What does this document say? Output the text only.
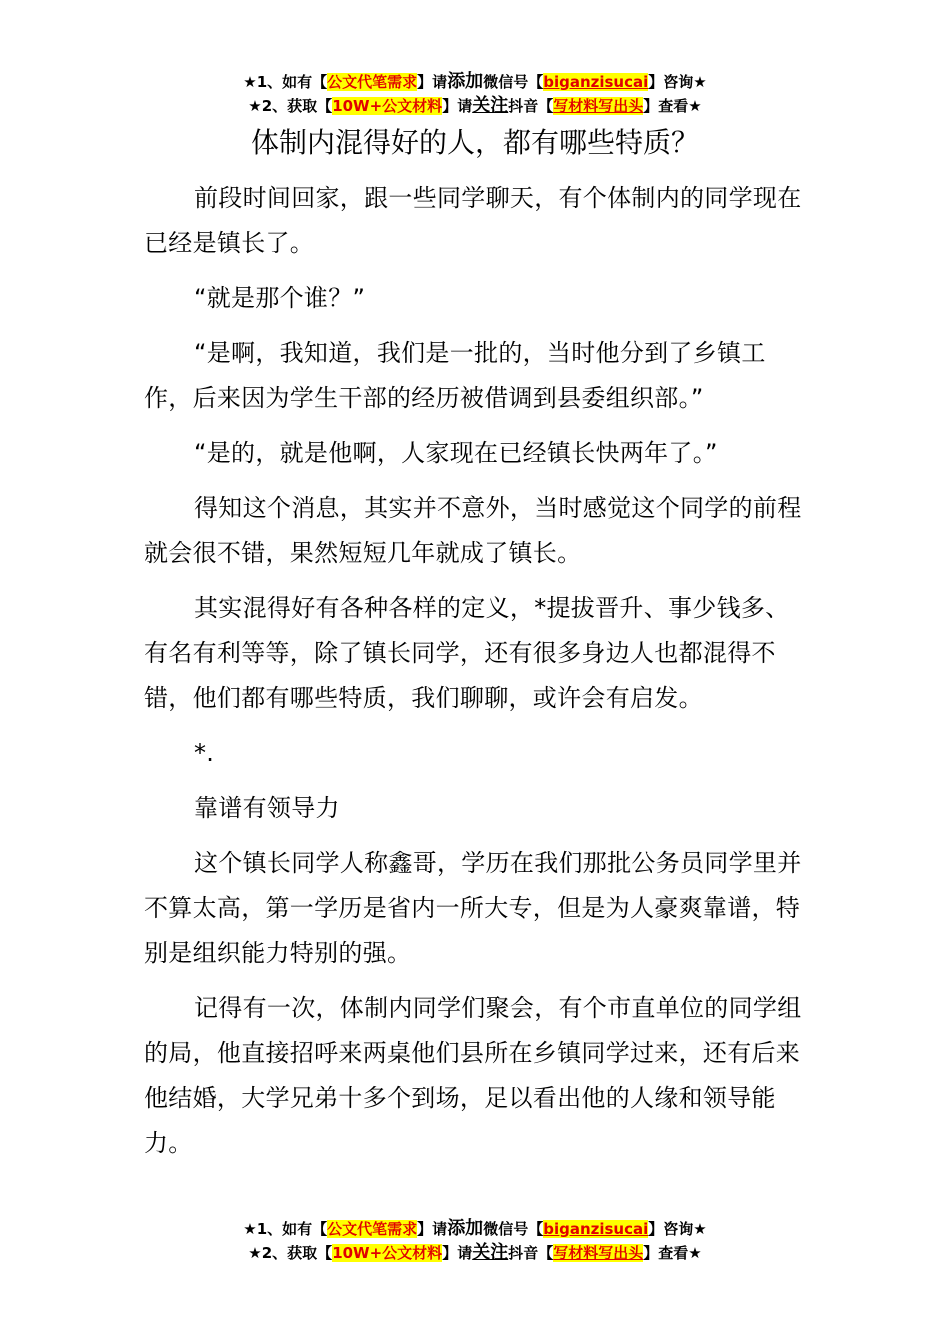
★1、如有【公文代笔需求】请添加微信号【biganzisucai】咨询★
★2、获取【10W+公文材料】请关注抖音【写材料写出头】查看★
体制内混得好的人，都有哪些特质？

前段时间回家，跟一些同学聊天，有个体制内的同学现在已经是镇长了。

“就是那个谁？”

“是啊，我知道，我们是一批的，当时他分到了乡镇工作，后来因为学生干部的经历被借调到县委组织部。”

“是的，就是他啊，人家现在已经镇长快两年了。”

得知这个消息，其实并不意外，当时感觉这个同学的前程就会很不错，果然短短几年就成了镇长。

其实混得好有各种各样的定义，*提拔晋升、事少钱多、有名有利等等，除了镇长同学，还有很多身边人也都混得不错，他们都有哪些特质，我们聊聊，或许会有启发。

*.

靠谱有领导力

这个镇长同学人称鑫哥，学历在我们那批公务员同学里并不算太高，第一学历是省内一所大专，但是为人豪爽靠谱，特别是组织能力特别的强。

记得有一次，体制内同学们聚会，有个市直单位的同学组的局，他直接招呼来两桌他们县所在乡镇同学过来，还有后来他结婚，大学兄弟十多个到场，足以看出他的人缘和领导能力。

★1、如有【公文代笔需求】请添加微信号【biganzisucai】咨询★
★2、获取【10W+公文材料】请关注抖音【写材料写出头】查看★
